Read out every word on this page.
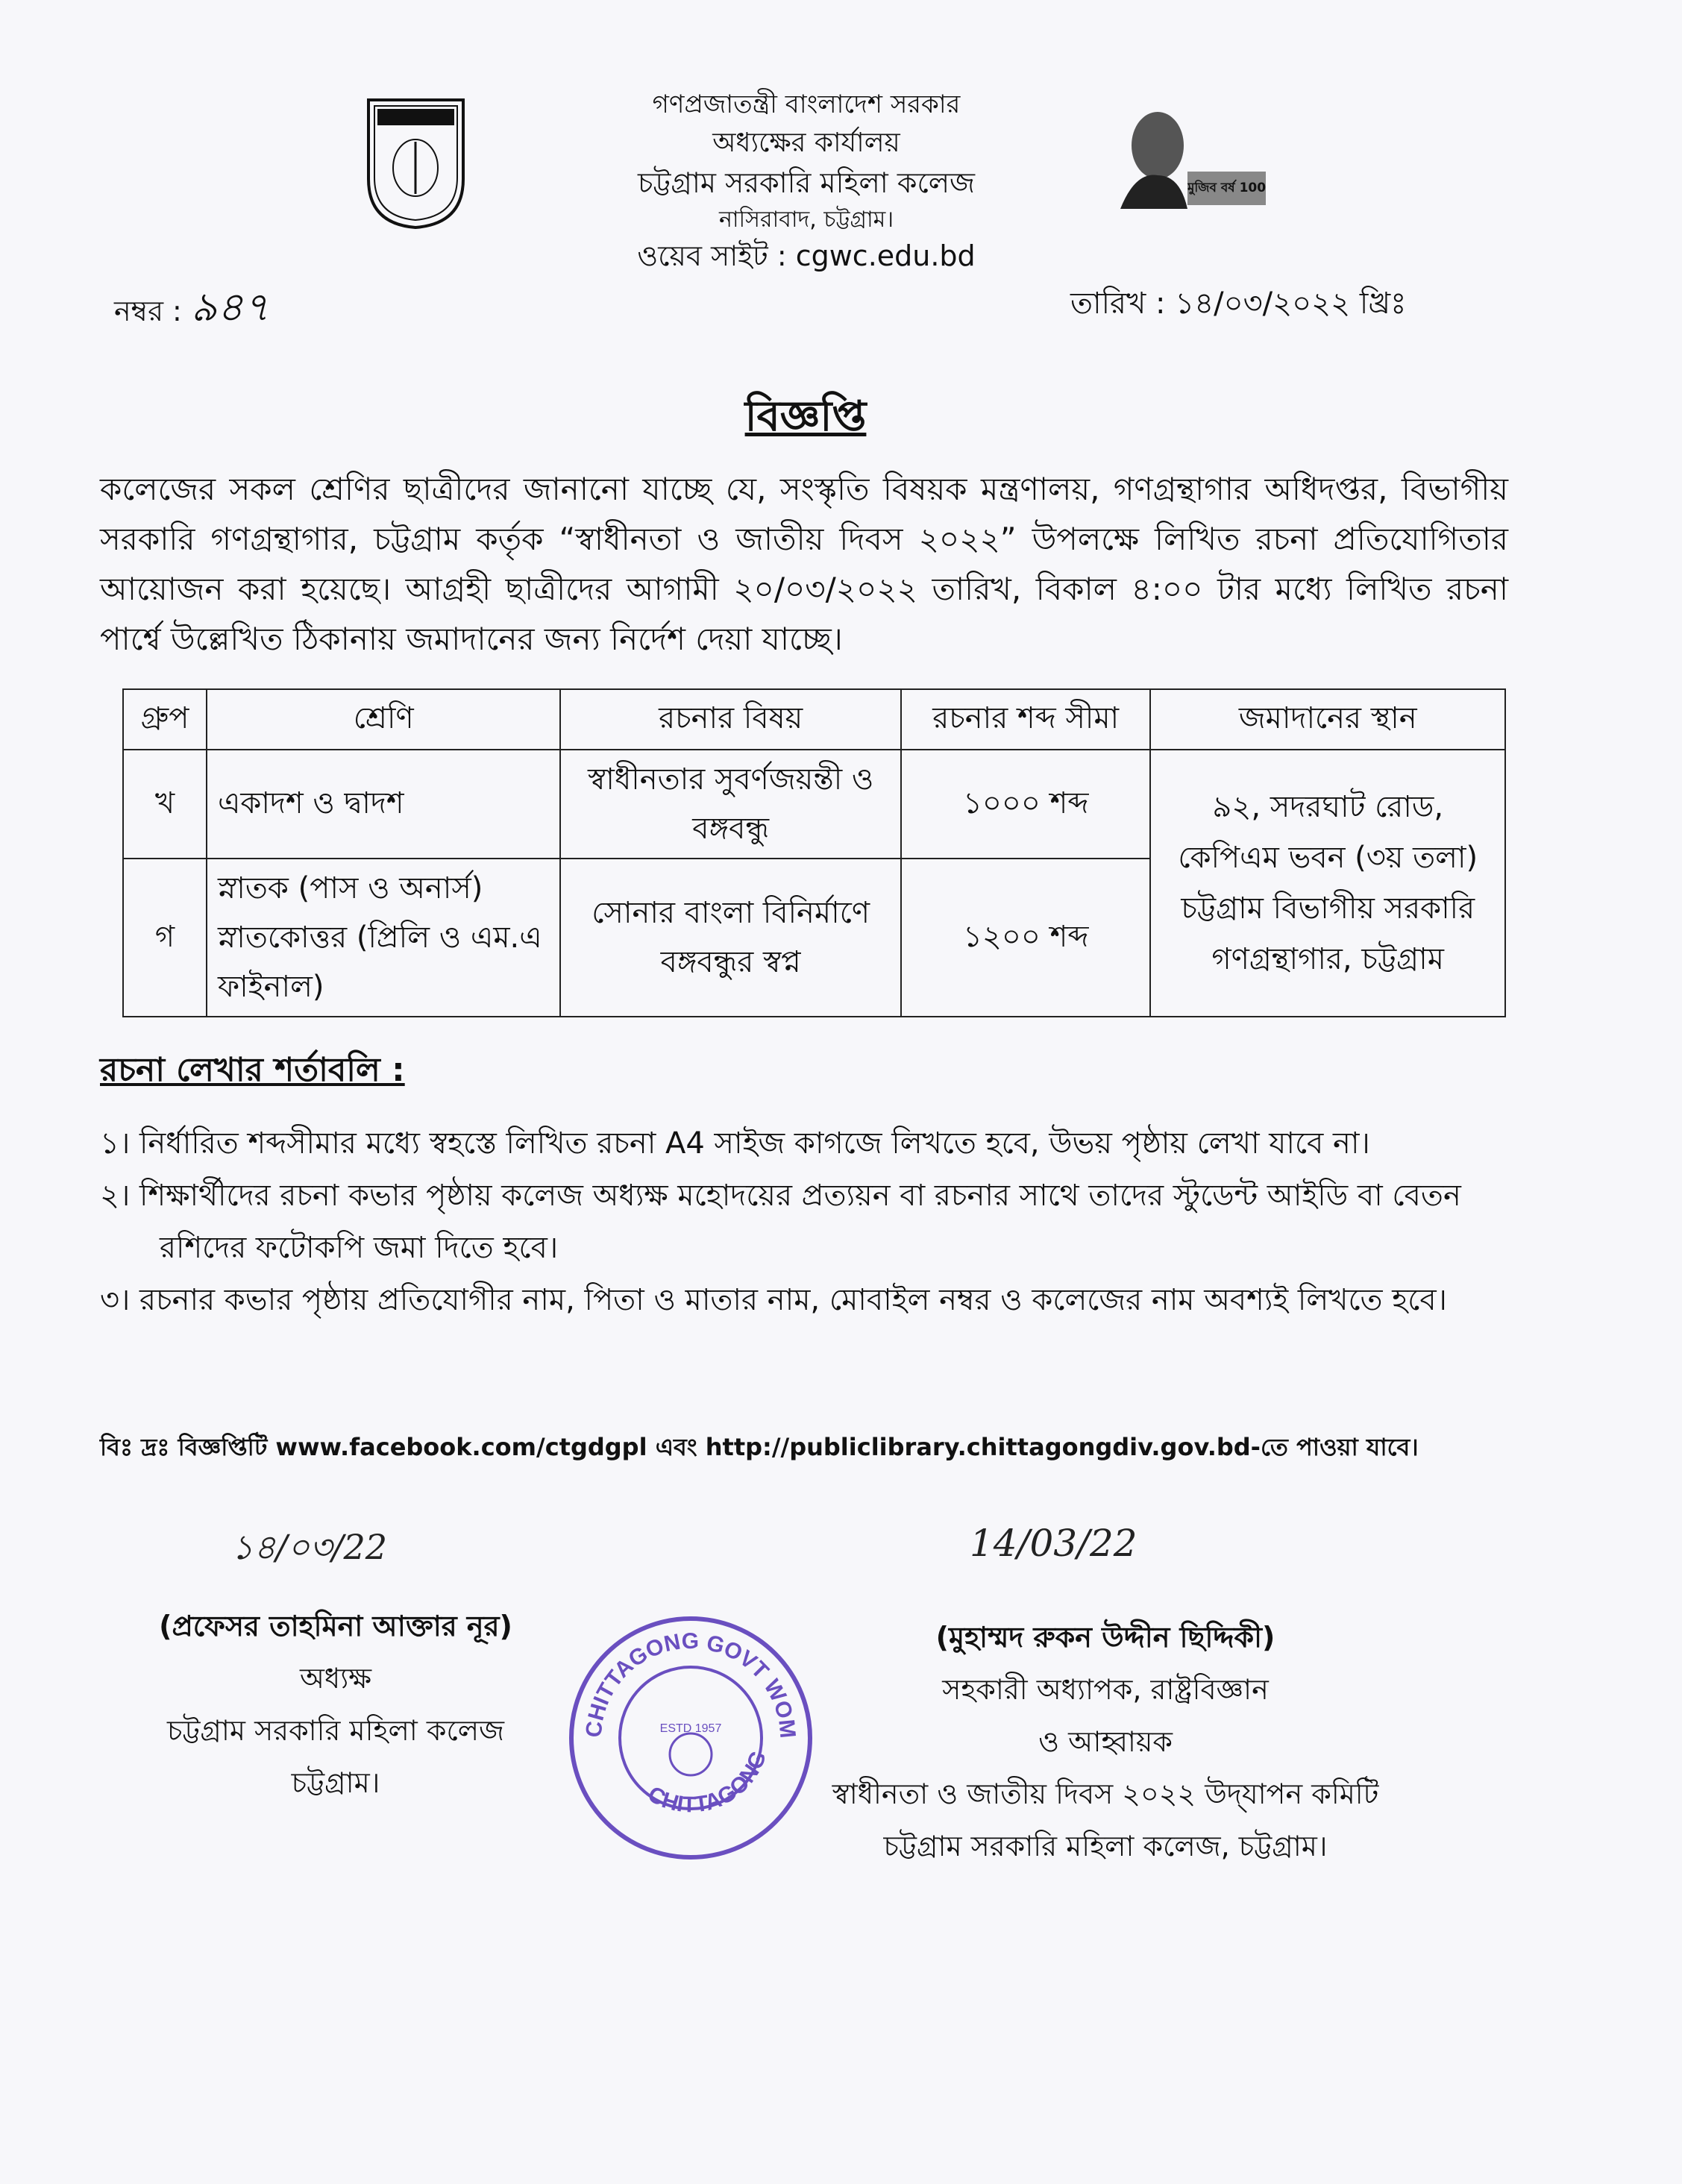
গণপ্রজাতন্ত্রী বাংলাদেশ সরকার
অধ্যক্ষের কার্যালয়
চট্টগ্রাম সরকারি মহিলা কলেজ
নাসিরাবাদ, চট্টগ্রাম।
ওয়েব সাইট : cgwc.edu.bd
মুজিব বর্ষ 100
নম্বর : ৯৪৭	তারিখ : ১৪/০৩/২০২২ খ্রিঃ
বিজ্ঞপ্তি
কলেজের সকল শ্রেণির ছাত্রীদের জানানো যাচ্ছে যে, সংস্কৃতি বিষয়ক মন্ত্রণালয়, গণগ্রন্থাগার অধিদপ্তর, বিভাগীয় সরকারি গণগ্রন্থাগার, চট্টগ্রাম কর্তৃক “স্বাধীনতা ও জাতীয় দিবস ২০২২” উপলক্ষে লিখিত রচনা প্রতিযোগিতার আয়োজন করা হয়েছে। আগ্রহী ছাত্রীদের আগামী ২০/০৩/২০২২ তারিখ, বিকাল ৪:০০ টার মধ্যে লিখিত রচনা পার্শ্বে উল্লেখিত ঠিকানায় জমাদানের জন্য নির্দেশ দেয়া যাচ্ছে।
গ্রুপ	শ্রেণি	রচনার বিষয়	রচনার শব্দ সীমা	জমাদানের স্থান
খ	একাদশ ও দ্বাদশ	স্বাধীনতার সুবর্ণজয়ন্তী ও বঙ্গবন্ধু	১০০০ শব্দ	৯২, সদরঘাট রোড, কেপিএম ভবন (৩য় তলা) চট্টগ্রাম বিভাগীয় সরকারি গণগ্রন্থাগার, চট্টগ্রাম
গ	স্নাতক (পাস ও অনার্স) স্নাতকোত্তর (প্রিলি ও এম.এ ফাইনাল)	সোনার বাংলা বিনির্মাণে বঙ্গবন্ধুর স্বপ্ন	১২০০ শব্দ	
রচনা লেখার শর্তাবলি :
১। নির্ধারিত শব্দসীমার মধ্যে স্বহস্তে লিখিত রচনা A4 সাইজ কাগজে লিখতে হবে, উভয় পৃষ্ঠায় লেখা যাবে না।
২। শিক্ষার্থীদের রচনা কভার পৃষ্ঠায় কলেজ অধ্যক্ষ মহোদয়ের প্রত্যয়ন বা রচনার সাথে তাদের স্টুডেন্ট আইডি বা বেতন রশিদের ফটোকপি জমা দিতে হবে।
৩। রচনার কভার পৃষ্ঠায় প্রতিযোগীর নাম, পিতা ও মাতার নাম, মোবাইল নম্বর ও কলেজের নাম অবশ্যই লিখতে হবে।
বিঃ দ্রঃ বিজ্ঞপ্তিটি www.facebook.com/ctgdgpl এবং http://publiclibrary.chittagongdiv.gov.bd-তে পাওয়া যাবে।
১৪/০৩/22
(প্রফেসর তাহমিনা আক্তার নূর)
অধ্যক্ষ
চট্টগ্রাম সরকারি মহিলা কলেজ
চট্টগ্রাম।
CHITTAGONG GOVT WOM
CHITTAGONG
ESTD 1957
14/03/22
(মুহাম্মদ রুকন উদ্দীন ছিদ্দিকী)
সহকারী অধ্যাপক, রাষ্ট্রবিজ্ঞান
ও আহ্বায়ক
স্বাধীনতা ও জাতীয় দিবস ২০২২ উদ্‌যাপন কমিটি
চট্টগ্রাম সরকারি মহিলা কলেজ, চট্টগ্রাম।
